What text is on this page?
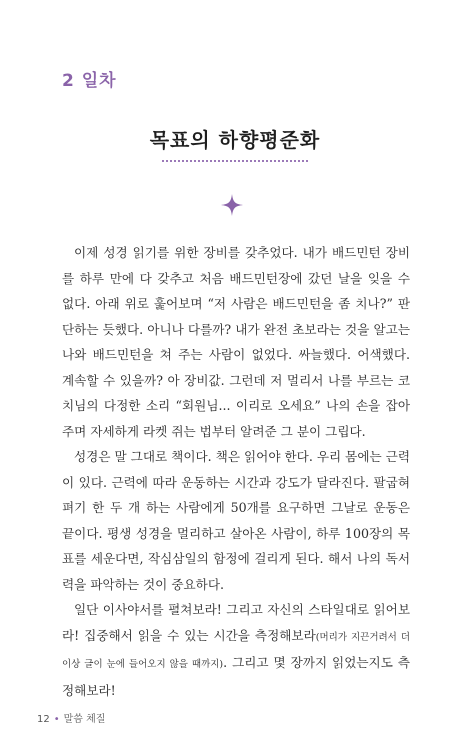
2 일차
목표의 하향평준화

이제 성경 읽기를 위한 장비를 갖추었다. 내가 배드민턴 장비를 하루 만에 다 갖추고 처음 배드민턴장에 갔던 날을 잊을 수 없다. 아래 위로 훑어보며 “저 사람은 배드민턴을 좀 치나?” 판단하는 듯했다. 아니나 다를까? 내가 완전 초보라는 것을 알고는 나와 배드민턴을 쳐 주는 사람이 없었다. 싸늘했다. 어색했다. 계속할 수 있을까? 아 장비값. 그런데 저 멀리서 나를 부르는 코치님의 다정한 소리 “회원님... 이리로 오세요” 나의 손을 잡아주며 자세하게 라켓 쥐는 법부터 알려준 그 분이 그립다.

성경은 말 그대로 책이다. 책은 읽어야 한다. 우리 몸에는 근력이 있다. 근력에 따라 운동하는 시간과 강도가 달라진다. 팔굽혀 펴기 한 두 개 하는 사람에게 50개를 요구하면 그날로 운동은 끝이다. 평생 성경을 멀리하고 살아온 사람이, 하루 100장의 목표를 세운다면, 작심삼일의 함정에 걸리게 된다. 해서 나의 독서력을 파악하는 것이 중요하다.

일단 이사야서를 펼쳐보라! 그리고 자신의 스타일대로 읽어보라! 집중해서 읽을 수 있는 시간을 측정해보라(머리가 지끈거려서 더 이상 글이 눈에 들어오지 않을 때까지). 그리고 몇 장까지 읽었는지도 측정해보라!

12 • 말씀 체질
